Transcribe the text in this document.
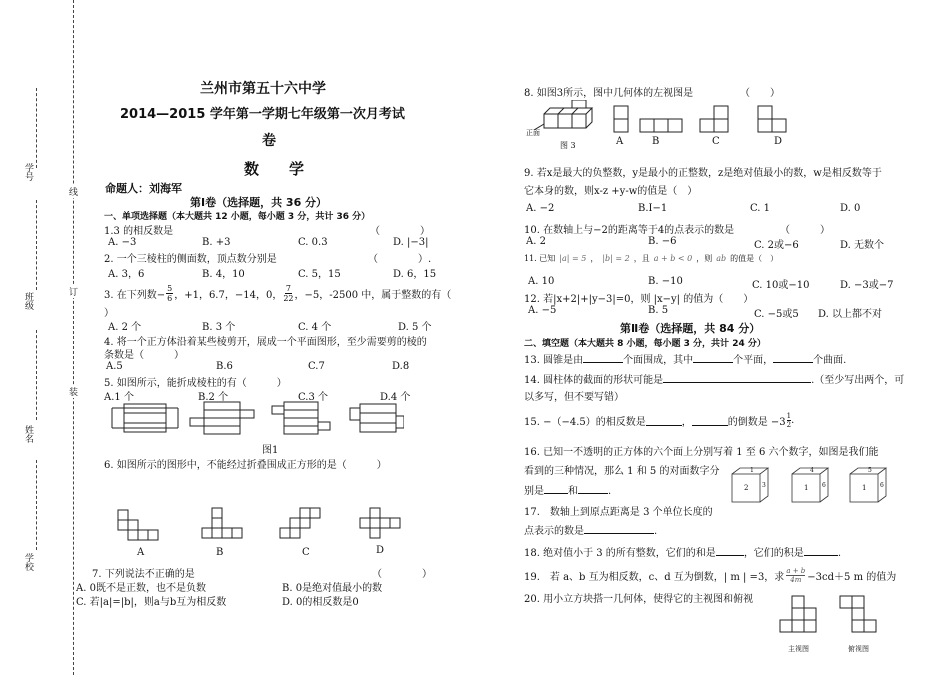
学号
班级
姓名
学校
线
订
装
兰州市第五十六中学
2014—2015 学年第一学期七年级第一次月考试
卷
数　　学
命题人：刘海军
第Ⅰ卷（选择题，共 36 分）
一、单项选择题（本大题共 12 小题，每小题 3 分，共计 36 分）
1.3 的相反数是	（　　　　）
A. −3	B. +3	C. 0.3	D. |−3|
2. 一个三棱柱的侧面数，顶点数分别是	（　　　　）.
A. 3，6	B. 4，10	C. 5，15	D. 6，15
3. 在下列数− $\frac{5}{6}$ ，+1，6.7，−14，0，
7
22 ，−5，-2500 中，属于整数的有（
）
A. 2 个	B. 3 个	C. 4 个	D. 5 个
4. 将一个正方体沿着某些棱剪开，展成一个平面图形，至少需要剪的棱的
条数是（　　　）
A.5	B.6	C.7	D.8
5. 如图所示，能折成棱柱的有（　　　）
A.1 个	B.2 个	C.3 个	D.4 个
图1
6. 如图所示的图形中，不能经过折叠围成正方形的是（　　　）
A	B	C	D
7. 下列说法不正确的是	（　　　　）
A. 0既不是正数，也不是负数	B. 0是绝对值最小的数
C. 若|a|=|b|，则a与b互为相反数	D. 0的相反数是0
8. 如图3所示，图中几何体的左视图是	（　　）
正面
图 3	A	B	C	D
9. 若x是最大的负整数，y是最小的正整数，z是绝对值最小的数，w是相反数等于
它本身的数，则x-z +y-w的值是（　）
A. −2	B.Ⅰ−1	C. 1	D. 0
10. 在数轴上与−2的距离等于4的点表示的数是	（　　　）
A. 2	B. −6	C. 2或−6	D. 无数个
11. 已知 |a| = 5 ， |b| = 2 ，且 a + b < 0 ，则 ab 的值是（　）
A. 10	B. −10	C. 10或−10	D. −3或−7
12. 若|x+2|+|y−3|=0，则 |x−y| 的值为（　　）
A. −5	B. 5	C. −5或5 D. 以上都不对
第Ⅱ卷（选择题，共 84 分）
二、填空题（本大题共 8 小题，每小题 3 分，共计 24 分）
13. 圆锥是由	个面围成，其中	个平面，	个曲面.
14. 圆柱体的截面的形状可能是	.（至少写出两个，可
以多写，但不要写错）
15. −（−4.5）的相反数是	，	的倒数是 −3
1
2 .
16. 已知一不透明的正方体的六个面上分别写着 1 至 6 六个数字，如图是我们能
看到的三种情况，那么 1 和 5 的对面数字分
别是 和	.
1
2 3
4
1 6
5
1 6
17.　数轴上到原点距离是 3 个单位长度的
点表示的数是	.
18. 绝对值小于 3 的所有整数，它们的和是	，它们的积是	.
19.　若 a、b 互为相反数，c、d 互为倒数，| m | =3，求
a + b
4m −3cd＋5 m 的值为
20. 用小立方块搭一几何体，使得它的主视图和俯视
主视图	俯视图
